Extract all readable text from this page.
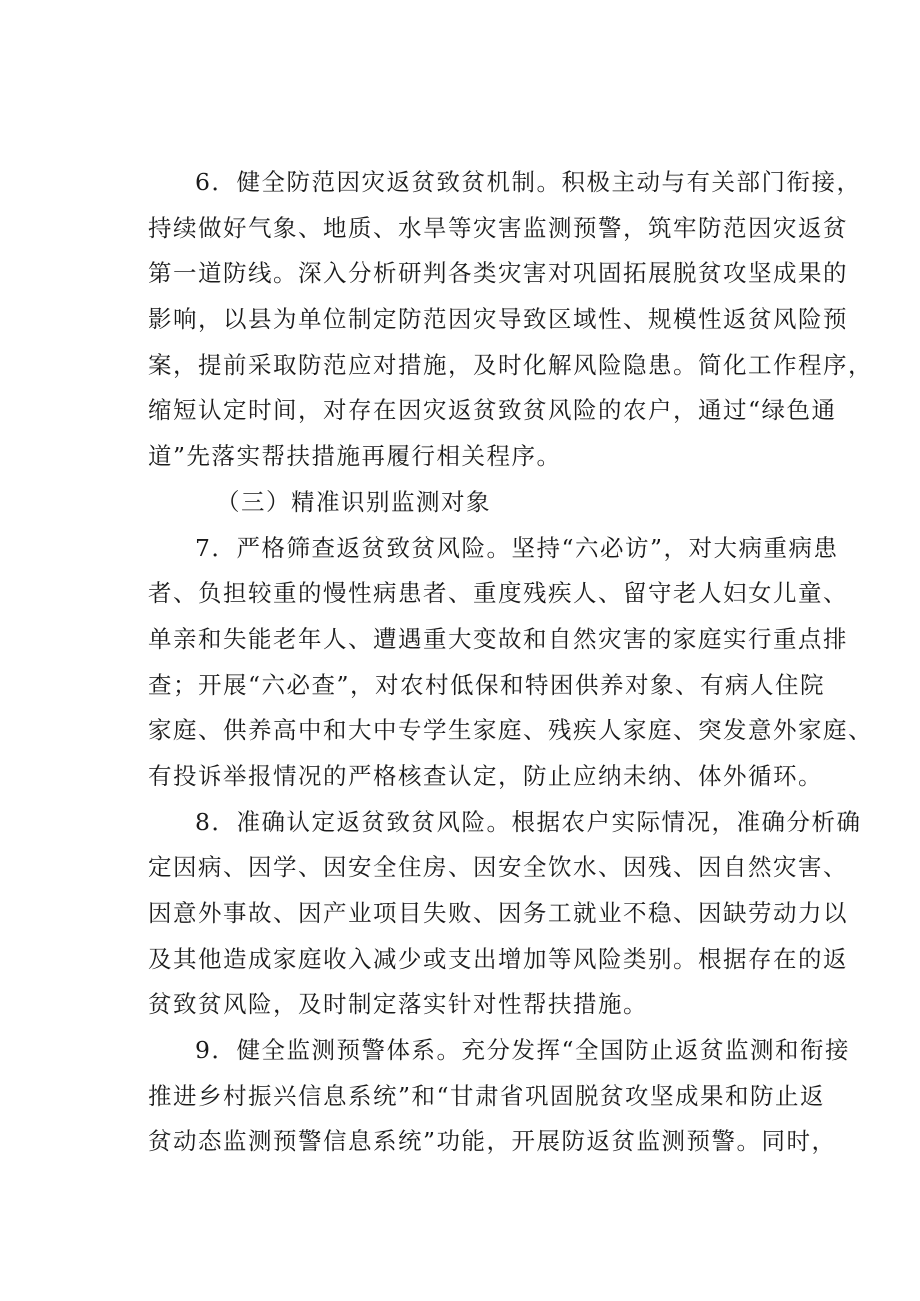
6．健全防范因灾返贫致贫机制。积极主动与有关部门衔接，
持续做好气象、地质、水旱等灾害监测预警，筑牢防范因灾返贫
第一道防线。深入分析研判各类灾害对巩固拓展脱贫攻坚成果的
影响，以县为单位制定防范因灾导致区域性、规模性返贫风险预
案，提前采取防范应对措施，及时化解风险隐患。简化工作程序，
缩短认定时间，对存在因灾返贫致贫风险的农户，通过“绿色通
道”先落实帮扶措施再履行相关程序。
（三）精准识别监测对象
7．严格筛查返贫致贫风险。坚持“六必访”，对大病重病患
者、负担较重的慢性病患者、重度残疾人、留守老人妇女儿童、
单亲和失能老年人、遭遇重大变故和自然灾害的家庭实行重点排
查；开展“六必查”，对农村低保和特困供养对象、有病人住院
家庭、供养高中和大中专学生家庭、残疾人家庭、突发意外家庭、
有投诉举报情况的严格核查认定，防止应纳未纳、体外循环。
8．准确认定返贫致贫风险。根据农户实际情况，准确分析确
定因病、因学、因安全住房、因安全饮水、因残、因自然灾害、
因意外事故、因产业项目失败、因务工就业不稳、因缺劳动力以
及其他造成家庭收入减少或支出增加等风险类别。根据存在的返
贫致贫风险，及时制定落实针对性帮扶措施。
9．健全监测预警体系。充分发挥“全国防止返贫监测和衔接
推进乡村振兴信息系统”和“甘肃省巩固脱贫攻坚成果和防止返
贫动态监测预警信息系统”功能，开展防返贫监测预警。同时，
